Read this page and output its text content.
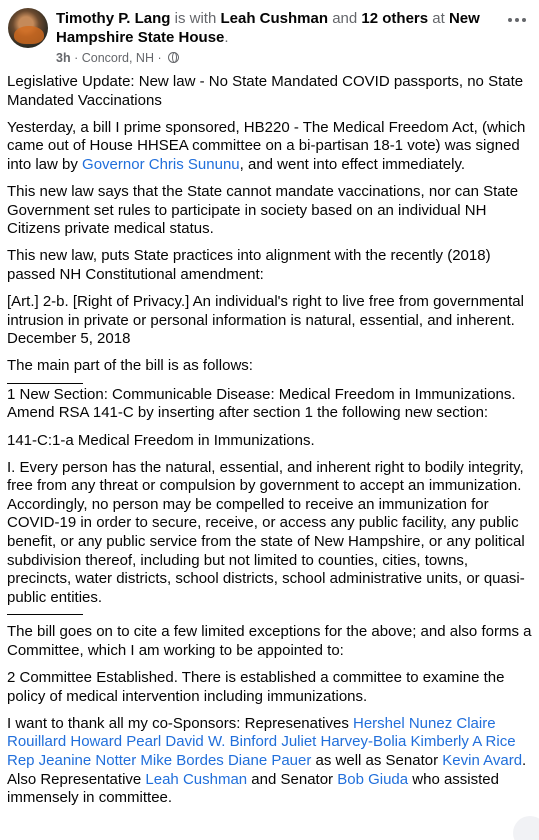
Timothy P. Lang is with Leah Cushman and 12 others at New Hampshire State House.
3h · Concord, NH ·

Legislative Update: New law - No State Mandated COVID passports, no State Mandated Vaccinations

Yesterday, a bill I prime sponsored, HB220 - The Medical Freedom Act, (which came out of House HHSEA committee on a bi-partisan 18-1 vote) was signed into law by Governor Chris Sununu, and went into effect immediately.

This new law says that the State cannot mandate vaccinations, nor can State Government set rules to participate in society based on an individual NH Citizens private medical status.

This new law, puts State practices into alignment with the recently (2018) passed NH Constitutional amendment:

[Art.] 2-b. [Right of Privacy.] An individual's right to live free from governmental intrusion in private or personal information is natural, essential, and inherent. December 5, 2018

The main part of the bill is as follows:

1 New Section: Communicable Disease: Medical Freedom in Immunizations. Amend RSA 141-C by inserting after section 1 the following new section:

141-C:1-a Medical Freedom in Immunizations.

I. Every person has the natural, essential, and inherent right to bodily integrity, free from any threat or compulsion by government to accept an immunization. Accordingly, no person may be compelled to receive an immunization for COVID-19 in order to secure, receive, or access any public facility, any public benefit, or any public service from the state of New Hampshire, or any political subdivision thereof, including but not limited to counties, cities, towns, precincts, water districts, school districts, school administrative units, or quasi-public entities.

The bill goes on to cite a few limited exceptions for the above; and also forms a Committee, which I am working to be appointed to:

2 Committee Established. There is established a committee to examine the policy of medical intervention including immunizations.

I want to thank all my co-Sponsors: Represenatives Hershel Nunez Claire Rouillard Howard Pearl David W. Binford Juliet Harvey-Bolia Kimberly A Rice Rep Jeanine Notter Mike Bordes Diane Pauer as well as Senator Kevin Avard. Also Representative Leah Cushman and Senator Bob Giuda who assisted immensely in committee.
